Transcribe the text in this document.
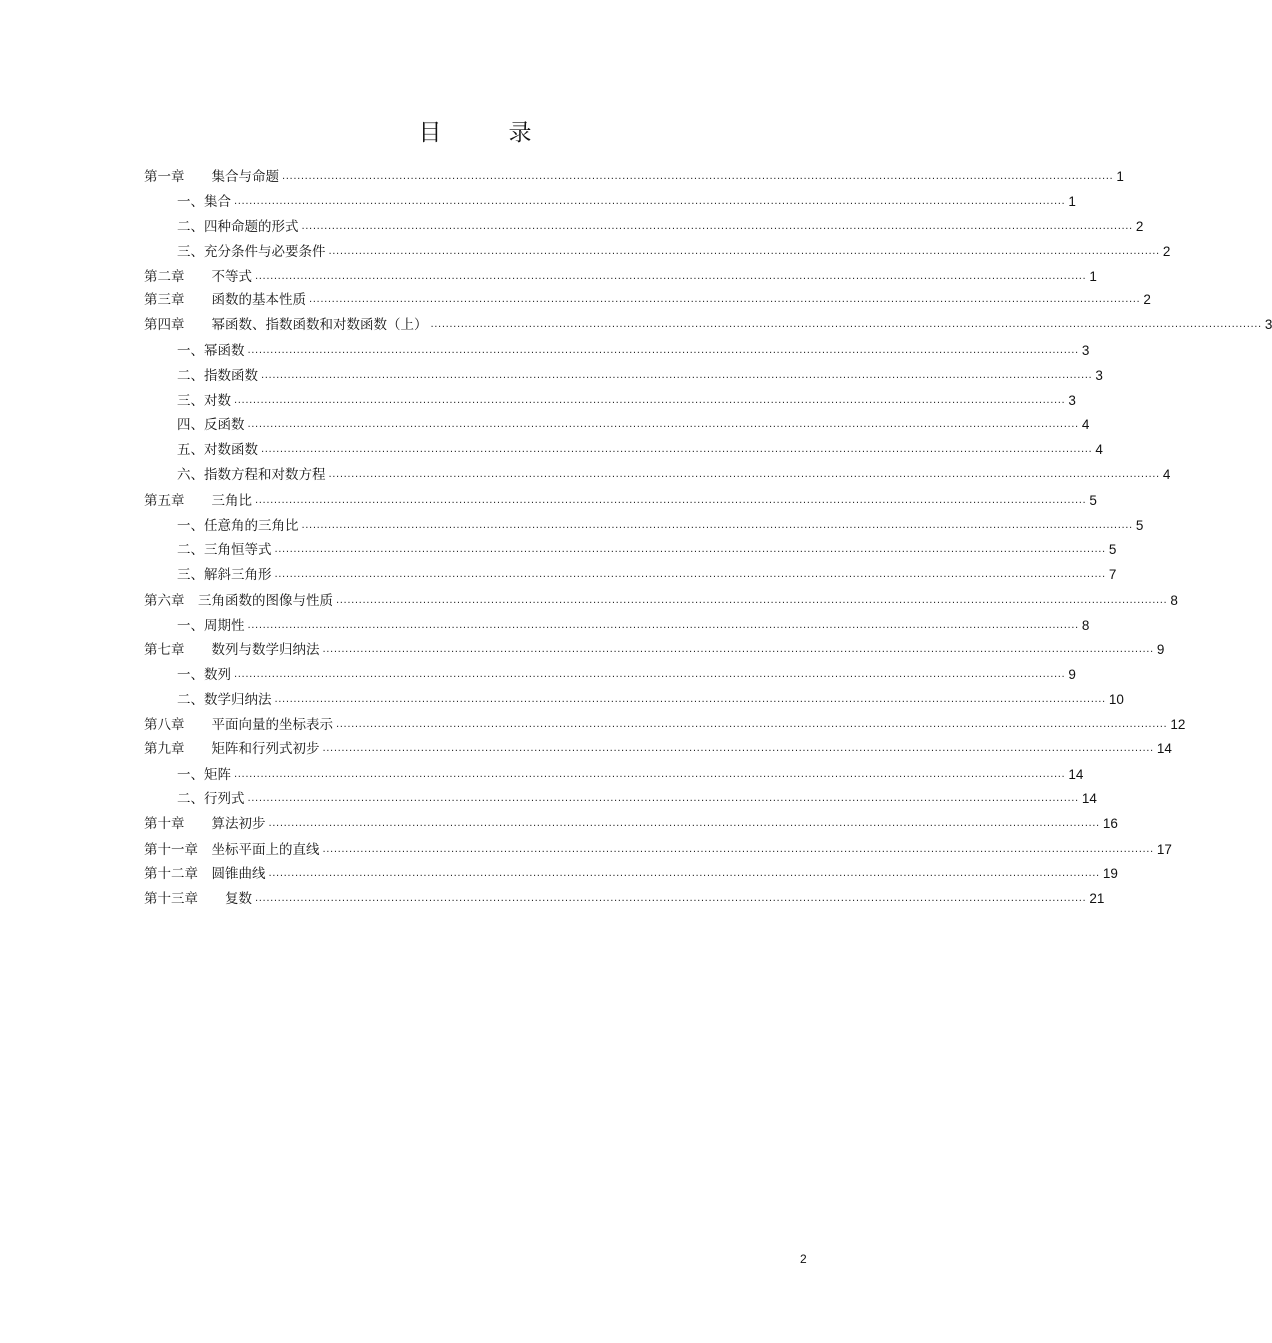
目　录
第一章　　集合与命题 ............................................................................................................................................................................................................................ 1
一、集合 ............................................................................................................................................................................................................................ 1
二、四种命题的形式 ............................................................................................................................................................................................................................ 2
三、充分条件与必要条件 ............................................................................................................................................................................................................................ 2
第二章　　不等式 ............................................................................................................................................................................................................................ 1
第三章　　函数的基本性质 ............................................................................................................................................................................................................................ 2
第四章　　幂函数、指数函数和对数函数（上） ............................................................................................................................................................................................................................ 3
一、幂函数 ............................................................................................................................................................................................................................ 3
二、指数函数 ............................................................................................................................................................................................................................ 3
三、对数 ............................................................................................................................................................................................................................ 3
四、反函数 ............................................................................................................................................................................................................................ 4
五、对数函数 ............................................................................................................................................................................................................................ 4
六、指数方程和对数方程 ............................................................................................................................................................................................................................ 4
第五章　　三角比 ............................................................................................................................................................................................................................ 5
一、任意角的三角比 ............................................................................................................................................................................................................................ 5
二、三角恒等式 ............................................................................................................................................................................................................................ 5
三、解斜三角形 ............................................................................................................................................................................................................................ 7
第六章　三角函数的图像与性质 ............................................................................................................................................................................................................................ 8
一、周期性 ............................................................................................................................................................................................................................ 8
第七章　　数列与数学归纳法 ............................................................................................................................................................................................................................ 9
一、数列 ............................................................................................................................................................................................................................ 9
二、数学归纳法 ............................................................................................................................................................................................................................ 10
第八章　　平面向量的坐标表示 ............................................................................................................................................................................................................................ 12
第九章　　矩阵和行列式初步 ............................................................................................................................................................................................................................ 14
一、矩阵 ............................................................................................................................................................................................................................ 14
二、行列式 ............................................................................................................................................................................................................................ 14
第十章　　算法初步 ............................................................................................................................................................................................................................ 16
第十一章　坐标平面上的直线 ............................................................................................................................................................................................................................ 17
第十二章　圆锥曲线 ............................................................................................................................................................................................................................ 19
第十三章　　复数 ............................................................................................................................................................................................................................ 21
2
